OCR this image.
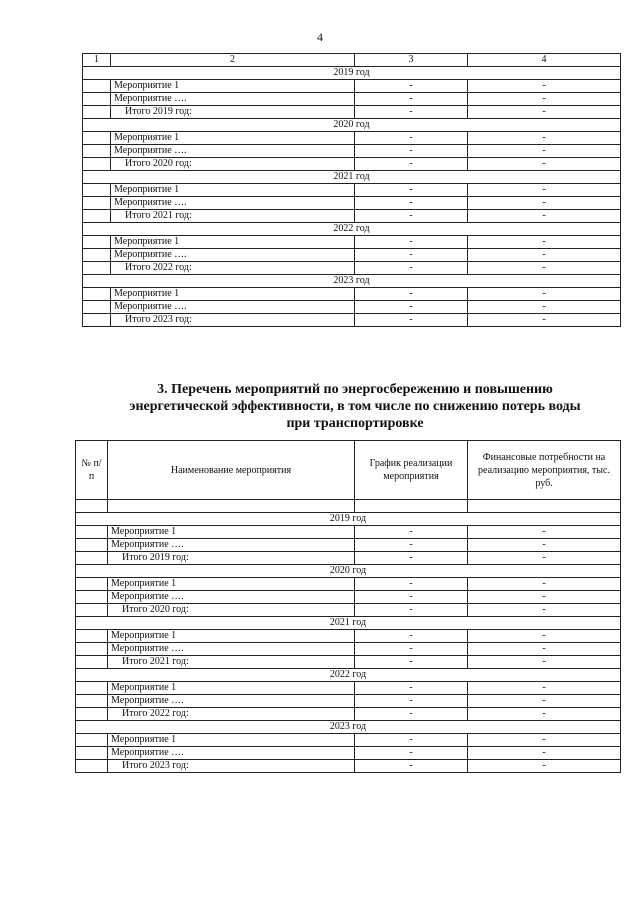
4
1	2	3	4
2019 год			
	Мероприятие 1	-	-
	Мероприятие ….	-	-
	Итого 2019 год:	-	-
2020 год			
	Мероприятие 1	-	-
	Мероприятие ….	-	-
	Итого 2020 год:	-	-
2021 год			
	Мероприятие 1	-	-
	Мероприятие ….	-	-
	Итого 2021 год:	-	-
2022 год			
	Мероприятие 1	-	-
	Мероприятие ….	-	-
	Итого 2022 год:	-	-
2023 год			
	Мероприятие 1	-	-
	Мероприятие ….	-	-
	Итого 2023 год:	-	-
3. Перечень мероприятий по энергосбережению и повышению
энергетической эффективности, в том числе по снижению потерь воды
при транспортировке
№ п/п	Наименование мероприятия	График реализации мероприятия	Финансовые потребности на реализацию мероприятия, тыс. руб.

2019 год			
	Мероприятие 1	-	-
	Мероприятие ….	-	-
	Итого 2019 год:	-	-
2020 год			
	Мероприятие 1	-	-
	Мероприятие ….	-	-
	Итого 2020 год:	-	-
2021 год			
	Мероприятие 1	-	-
	Мероприятие ….	-	-
	Итого 2021 год:	-	-
2022 год			
	Мероприятие 1	-	-
	Мероприятие ….	-	-
	Итого 2022 год:	-	-
2023 год			
	Мероприятие 1	-	-
	Мероприятие ….	-	-
	Итого 2023 год:	-	-
